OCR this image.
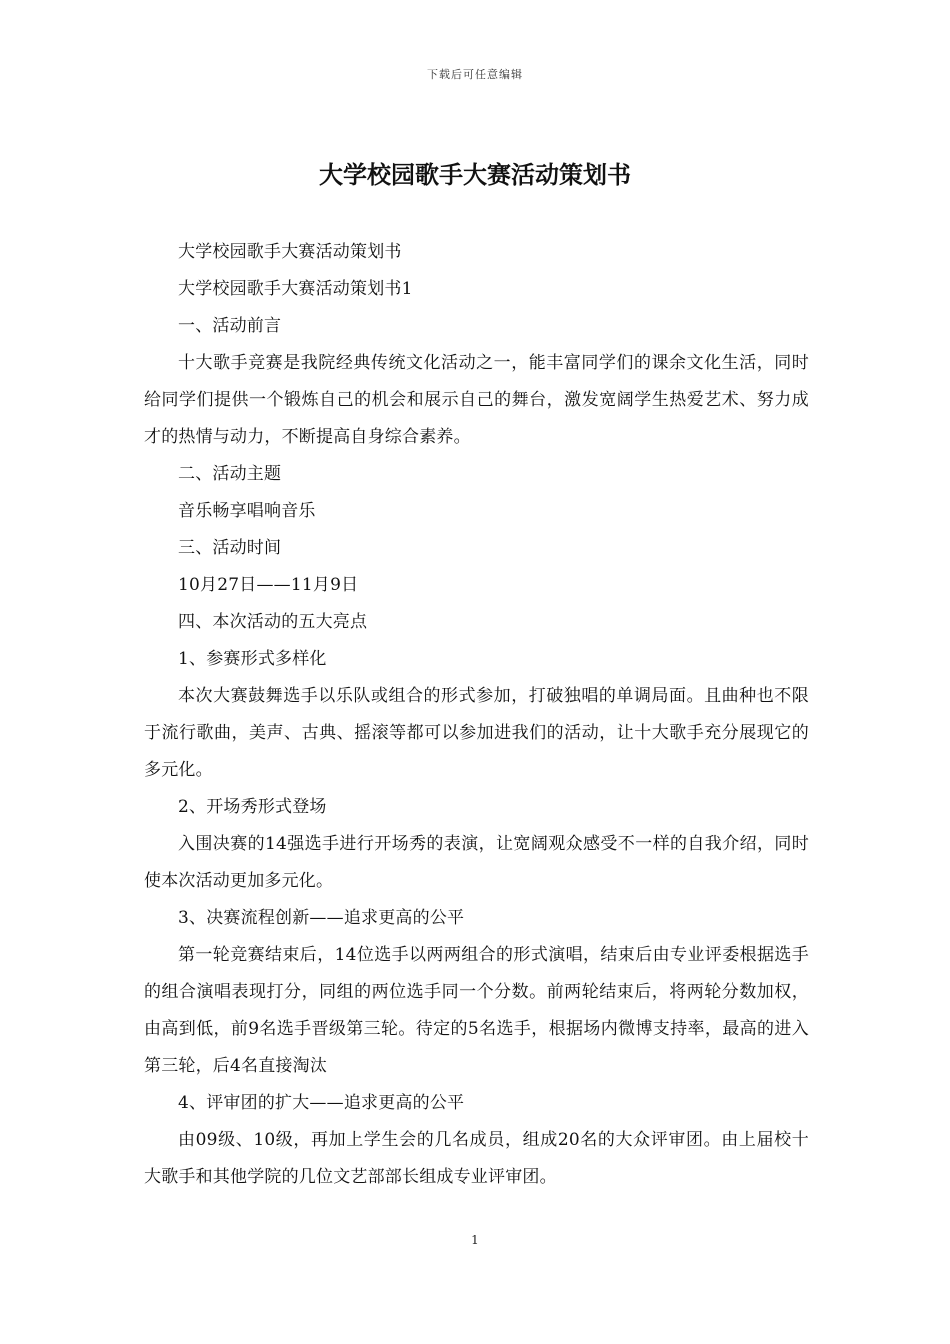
下载后可任意编辑
大学校园歌手大赛活动策划书

大学校园歌手大赛活动策划书

大学校园歌手大赛活动策划书1

一、活动前言

十大歌手竞赛是我院经典传统文化活动之一，能丰富同学们的课余文化生活，同时给同学们提供一个锻炼自己的机会和展示自己的舞台，激发宽阔学生热爱艺术、努力成才的热情与动力，不断提高自身综合素养。

二、活动主题

音乐畅享唱响音乐

三、活动时间

10月27日——11月9日

四、本次活动的五大亮点

1、参赛形式多样化

本次大赛鼓舞选手以乐队或组合的形式参加，打破独唱的单调局面。且曲种也不限于流行歌曲，美声、古典、摇滚等都可以参加进我们的活动，让十大歌手充分展现它的多元化。

2、开场秀形式登场

入围决赛的14强选手进行开场秀的表演，让宽阔观众感受不一样的自我介绍，同时使本次活动更加多元化。

3、决赛流程创新——追求更高的公平

第一轮竞赛结束后，14位选手以两两组合的形式演唱，结束后由专业评委根据选手的组合演唱表现打分，同组的两位选手同一个分数。前两轮结束后，将两轮分数加权，由高到低，前9名选手晋级第三轮。待定的5名选手，根据场内微博支持率，最高的进入第三轮，后4名直接淘汰

4、评审团的扩大——追求更高的公平

由09级、10级，再加上学生会的几名成员，组成20名的大众评审团。由上届校十大歌手和其他学院的几位文艺部部长组成专业评审团。

1
